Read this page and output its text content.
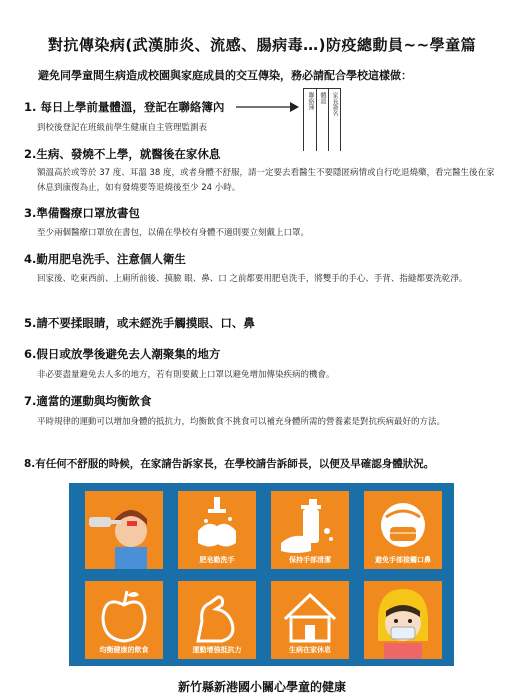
對抗傳染病(武漢肺炎、流感、腸病毒…)防疫總動員~~學童篇
避免同學童間生病造成校園與家庭成員的交互傳染，務必請配合學校這樣做：
1. 每日上學前量體溫，登記在聯絡簿內
到校後登記在班級前學生健康自主管理監測表
聯絡簿 體溫 家長簽名
2.生病、發燒不上學，就醫後在家休息
額溫高於或等於 37 度、耳溫 38 度，或者身體不舒服，請一定要去看醫生不要隱匿病情或自行吃退燒藥，看完醫生後在家休息到康復為止，如有發燒要等退燒後至少 24 小時。
3.準備醫療口罩放書包
至少兩個醫療口罩放在書包，以備在學校有身體不適則要立刻戴上口罩。
4.勤用肥皂洗手、注意個人衛生
回家後、吃東西前、上廁所前後、摸臉 眼、鼻、口 之前都要用肥皂洗手，將雙手的手心、手背、指縫都要洗乾淨。
5.請不要揉眼睛，或未經洗手觸摸眼、口、鼻
6.假日或放學後避免去人潮聚集的地方
非必要盡量避免去人多的地方，若有則要戴上口罩以避免增加傳染疾病的機會。
7.適當的運動與均衡飲食
平時規律的運動可以增加身體的抵抗力，均衡飲食不挑食可以補充身體所需的營養素是對抗疾病最好的方法。
8.有任何不舒服的時候，在家請告訴家長，在學校請告訴師長，以便及早確認身體狀況。
肥皂勤洗手	保持手部清潔	避免手部接觸口鼻
均衡健康的飲食	運動增強抵抗力	生病在家休息
新竹縣新港國小關心學童的健康
